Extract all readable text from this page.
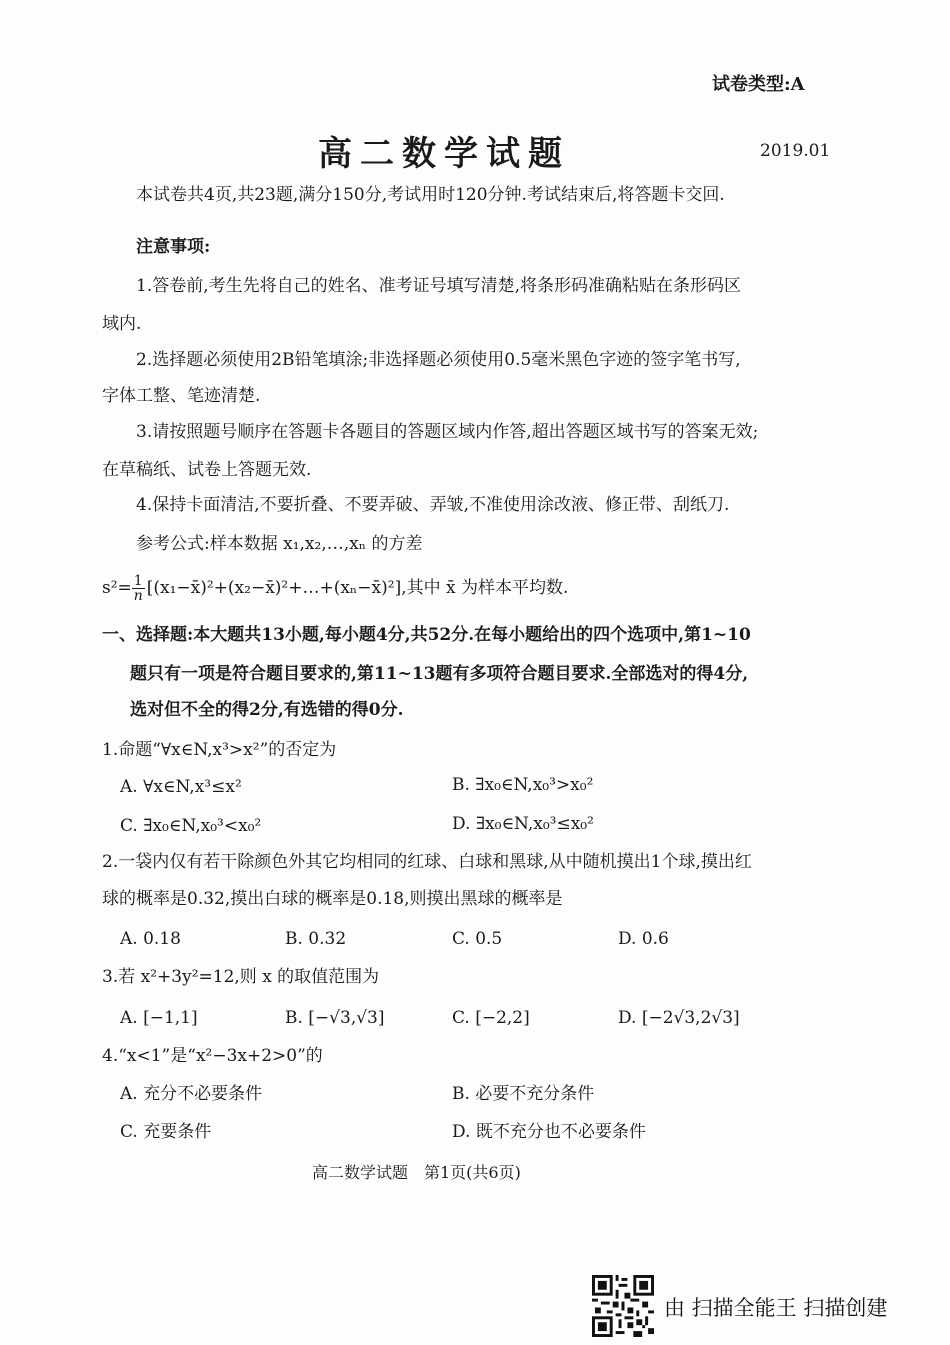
试卷类型:A
高二数学试题	2019.01
本试卷共4页,共23题,满分150分,考试用时120分钟.考试结束后,将答题卡交回.
注意事项:
1.答卷前,考生先将自己的姓名、准考证号填写清楚,将条形码准确粘贴在条形码区
域内.
2.选择题必须使用2B铅笔填涂;非选择题必须使用0.5毫米黑色字迹的签字笔书写,
字体工整、笔迹清楚.
3.请按照题号顺序在答题卡各题目的答题区域内作答,超出答题区域书写的答案无效;
在草稿纸、试卷上答题无效.
4.保持卡面清洁,不要折叠、不要弄破、弄皱,不准使用涂改液、修正带、刮纸刀.
参考公式:样本数据 x₁,x₂,…,xₙ 的方差
$s^2= \frac{1}{n}$ [(x₁−x̄)²+(x₂−x̄)²+…+(xₙ−x̄)²],其中 x̄ 为样本平均数.
一、选择题:本大题共13小题,每小题4分,共52分.在每小题给出的四个选项中,第1~10
题只有一项是符合题目要求的,第11~13题有多项符合题目要求.全部选对的得4分,
选对但不全的得2分,有选错的得0分.
1.命题“∀x∈N,x³>x²”的否定为
A. ∀x∈N,x³≤x²	B. ∃x₀∈N,x₀³>x₀²
C. ∃x₀∈N,x₀³<x₀²	D. ∃x₀∈N,x₀³≤x₀²
2.一袋内仅有若干除颜色外其它均相同的红球、白球和黑球,从中随机摸出1个球,摸出红
球的概率是0.32,摸出白球的概率是0.18,则摸出黑球的概率是
A. 0.18	B. 0.32	C. 0.5	D. 0.6
3.若 x²+3y²=12,则 x 的取值范围为
A. [−1,1]	B. [−√3,√3]	C. [−2,2]	D. [−2√3,2√3]
4.“x<1”是“x²−3x+2>0”的
A. 充分不必要条件	B. 必要不充分条件
C. 充要条件	D. 既不充分也不必要条件
高二数学试题　第1页(共6页)
由 扫描全能王 扫描创建
